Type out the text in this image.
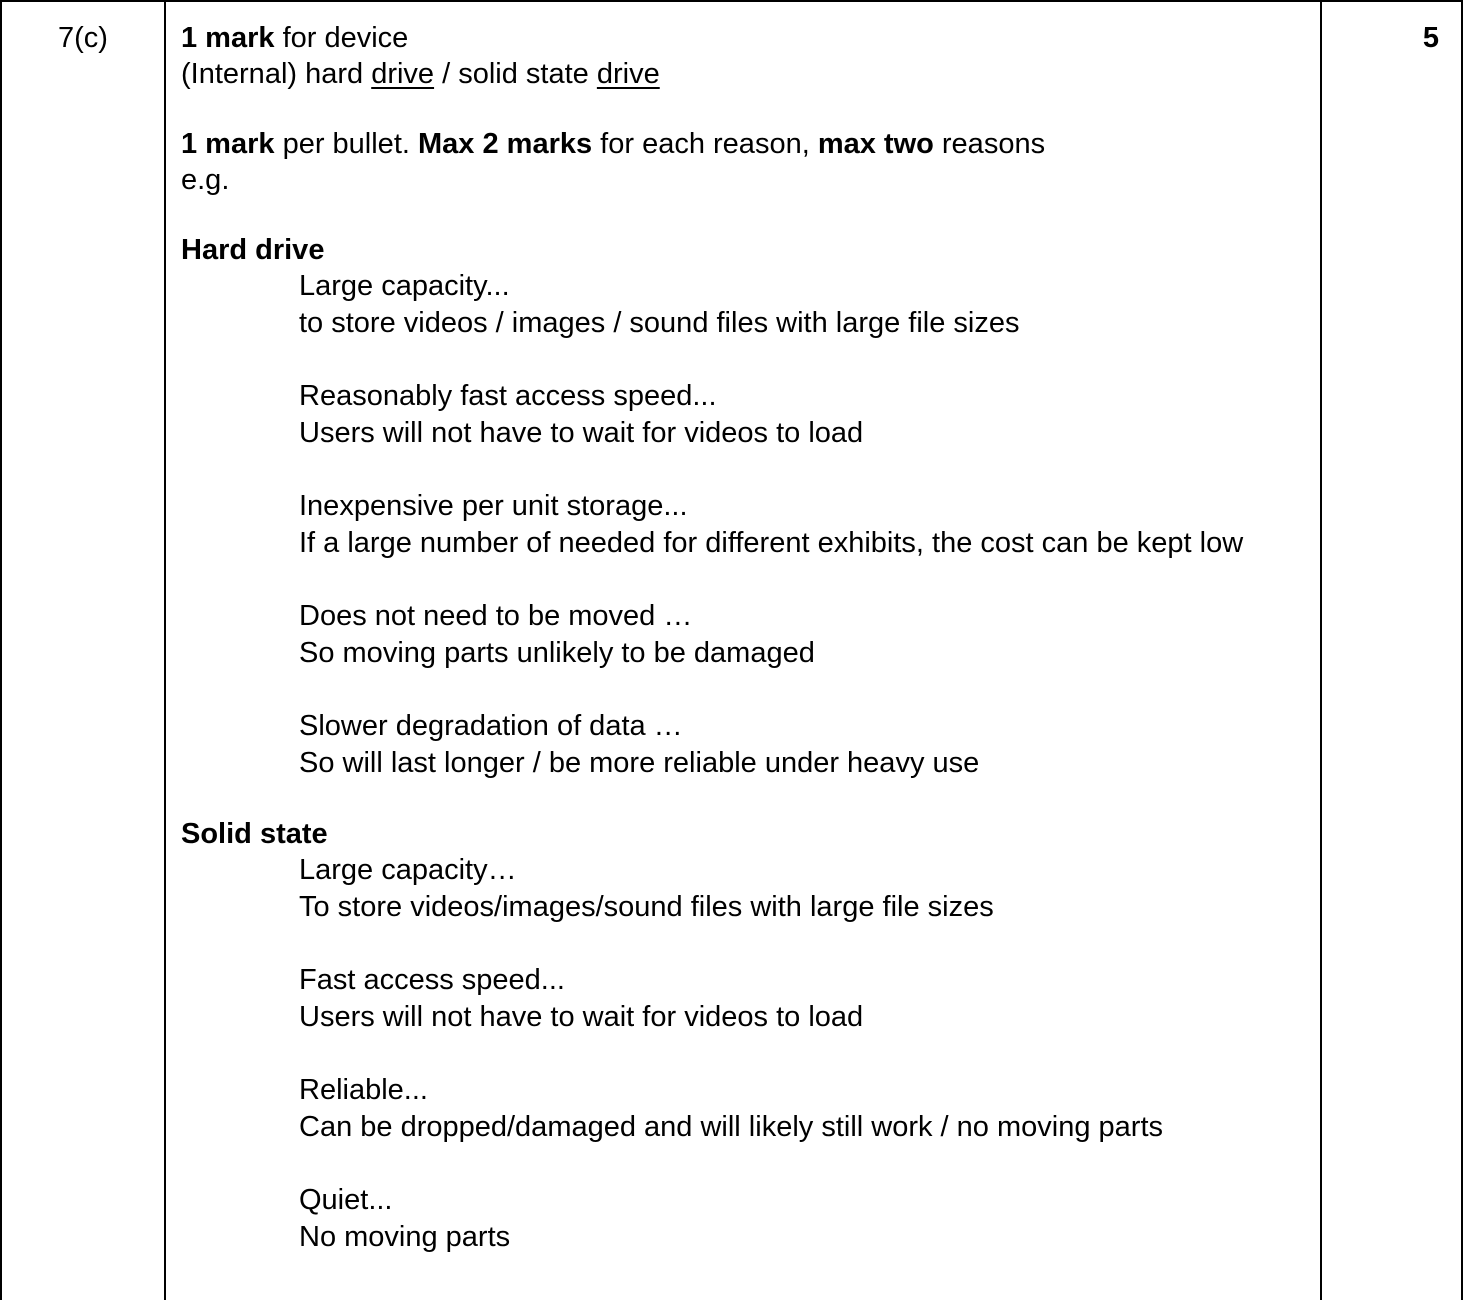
7(c)	1 mark for device
(Internal) hard drive / solid state drive
1 mark per bullet. Max 2 marks for each reason, max two reasons
e.g.
Hard drive
Large capacity...
to store videos / images / sound files with large file sizes
Reasonably fast access speed...
Users will not have to wait for videos to load
Inexpensive per unit storage...
If a large number of needed for different exhibits, the cost can be kept low
Does not need to be moved …
So moving parts unlikely to be damaged
Slower degradation of data …
So will last longer / be more reliable under heavy use
Solid state
Large capacity…
To store videos/images/sound files with large file sizes
Fast access speed...
Users will not have to wait for videos to load
Reliable...
Can be dropped/damaged and will likely still work / no moving parts
Quiet...
No moving parts
5
